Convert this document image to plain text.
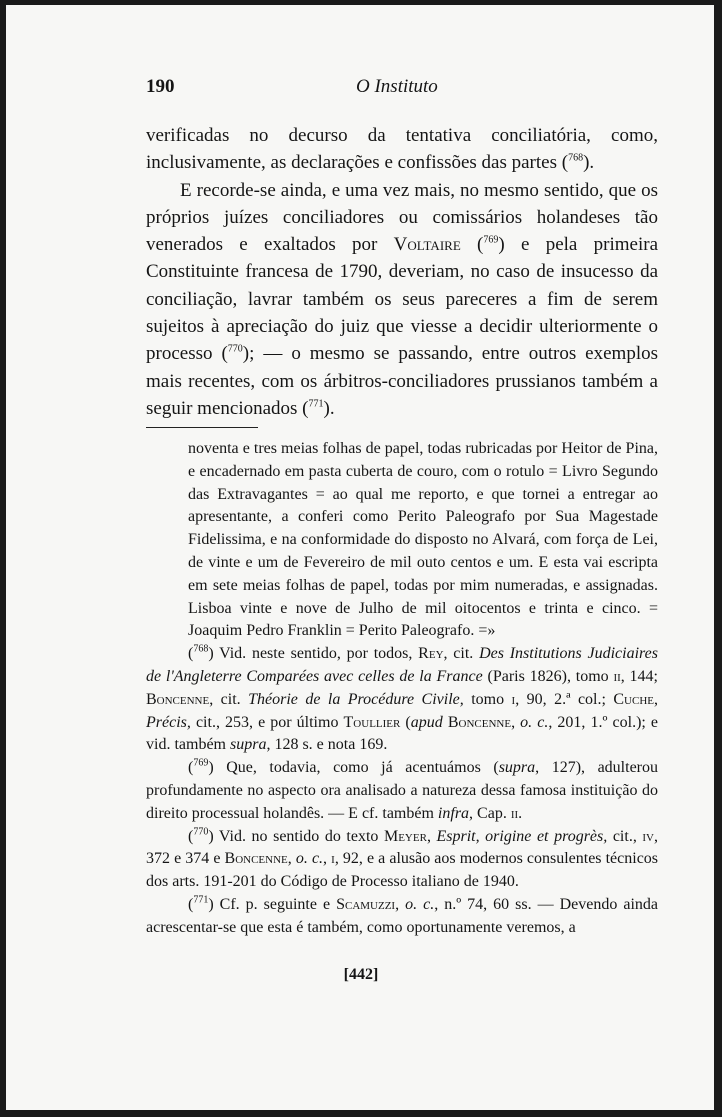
190	O Instituto

verificadas no decurso da tentativa conciliatória, como, inclusivamente, as declarações e confissões das partes ($^{768}$).

E recorde-se ainda, e uma vez mais, no mesmo sentido, que os próprios juízes conciliadores ou comissários holandeses tão venerados e exaltados por Voltaire ($^{769}$) e pela primeira Constituinte francesa de 1790, deveriam, no caso de insucesso da conciliação, lavrar também os seus pareceres a fim de serem sujeitos à apreciação do juiz que viesse a decidir ulteriormente o processo ($^{770}$); — o mesmo se passando, entre outros exemplos mais recentes, com os árbitros-conciliadores prussianos também a seguir mencionados ($^{771}$).

noventa e tres meias folhas de papel, todas rubricadas por Heitor de Pina, e encadernado em pasta cuberta de couro, com o rotulo = Livro Segundo das Extravagantes = ao qual me reporto, e que tornei a entregar ao apresentante, a conferi como Perito Paleografo por Sua Magestade Fidelissima, e na conformidade do disposto no Alvará, com força de Lei, de vinte e um de Fevereiro de mil outo centos e um. E esta vai escripta em sete meias folhas de papel, todas por mim numeradas, e assignadas. Lisboa vinte e nove de Julho de mil oitocentos e trinta e cinco. = Joaquim Pedro Franklin = Perito Paleografo. =»

($^{768}$) Vid. neste sentido, por todos, Rey, cit. Des Institutions Judiciaires de l'Angleterre Comparées avec celles de la France (Paris 1826), tomo ii, 144; Boncenne, cit. Théorie de la Procédure Civile, tomo i, 90, 2.ª col.; Cuche, Précis, cit., 253, e por último Toullier (apud Boncenne, o. c., 201, 1.º col.); e vid. também supra, 128 s. e nota 169.

($^{769}$) Que, todavia, como já acentuámos (supra, 127), adulterou profundamente no aspecto ora analisado a natureza dessa famosa instituição do direito processual holandês. — E cf. também infra, Cap. ii.

($^{770}$) Vid. no sentido do texto Meyer, Esprit, origine et progrès, cit., iv, 372 e 374 e Boncenne, o. c., i, 92, e a alusão aos modernos consulentes técnicos dos arts. 191-201 do Código de Processo italiano de 1940.

($^{771}$) Cf. p. seguinte e Scamuzzi, o. c., n.º 74, 60 ss. — Devendo ainda acrescentar-se que esta é também, como oportunamente veremos, a

[442]
